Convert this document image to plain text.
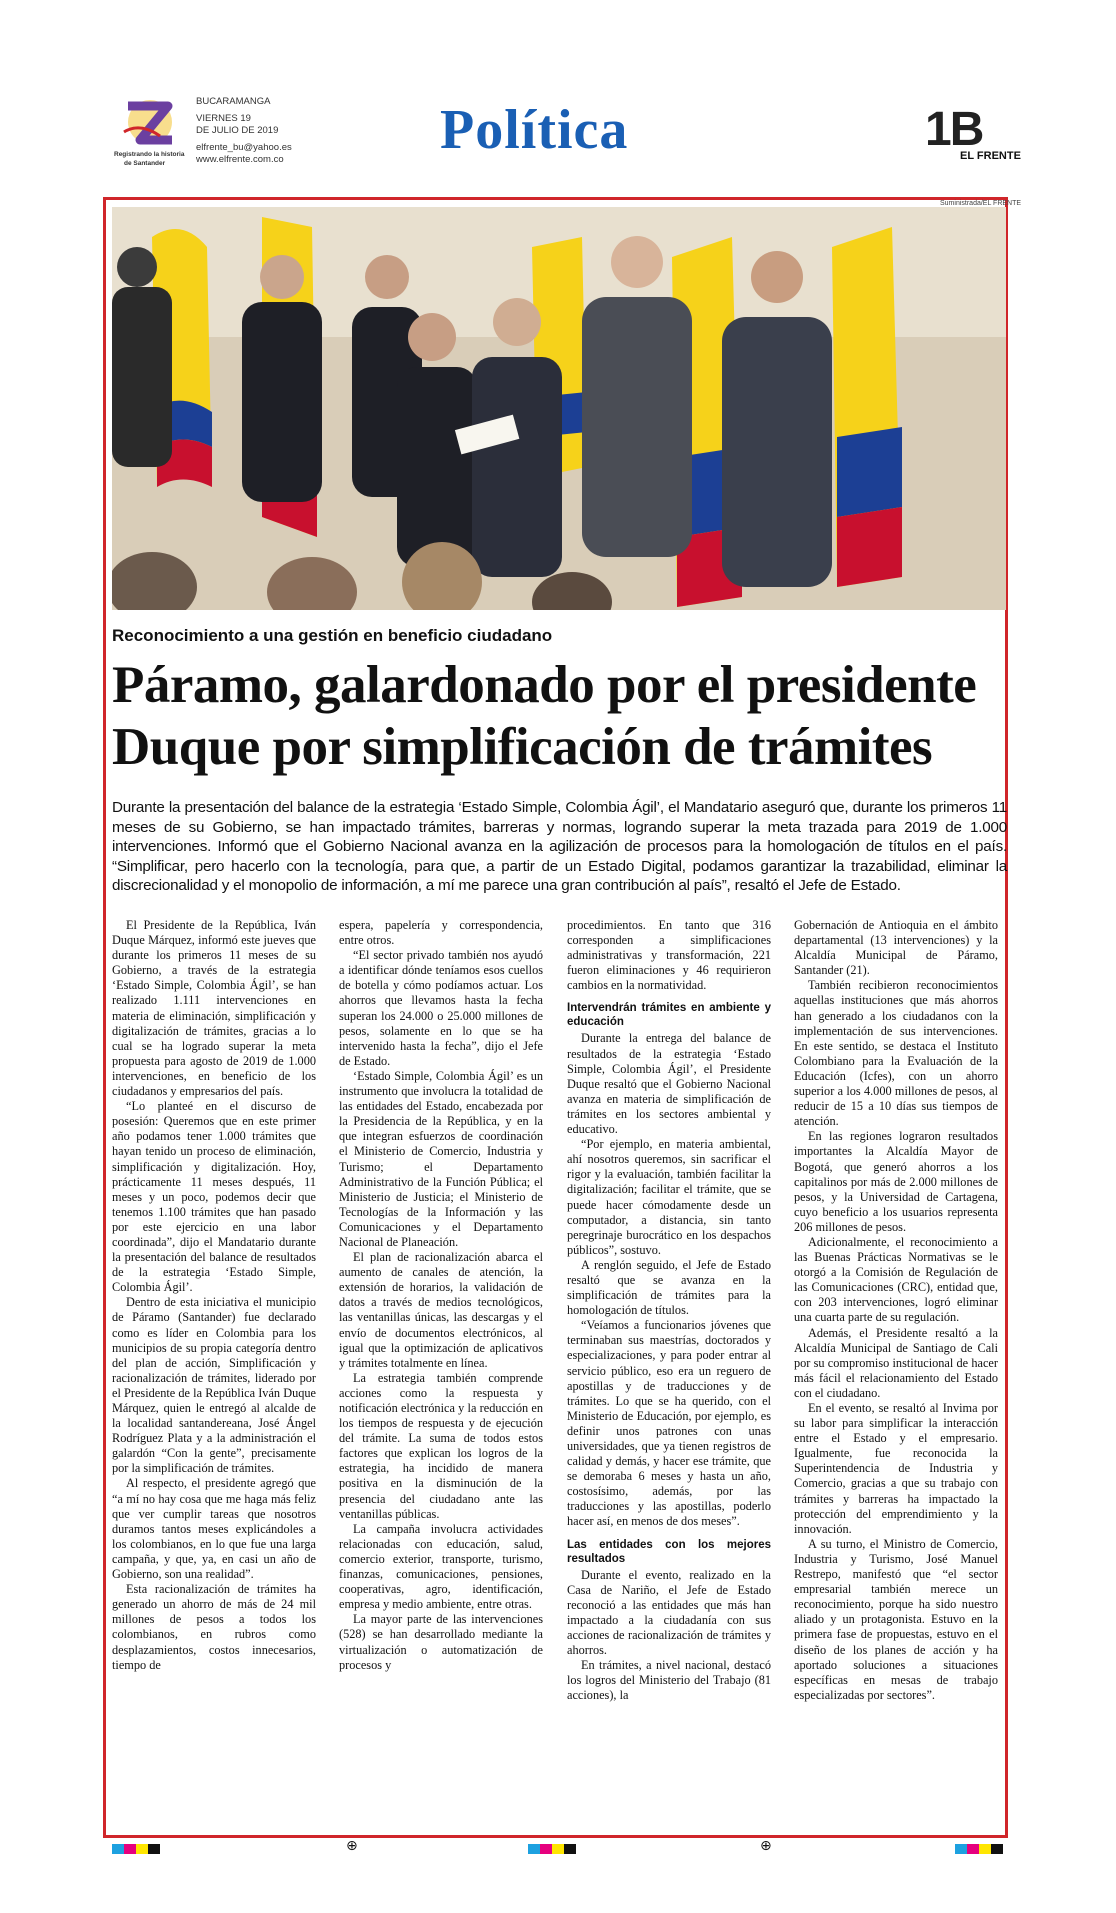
Registrando la historia
de Santander
BUCARAMANGA
VIERNES 19
DE JULIO DE 2019
elfrente_bu@yahoo.es
www.elfrente.com.co	Política	1B
EL FRENTE
Suministrada/EL FRENTE
Reconocimiento a una gestión en beneficio ciudadano
Páramo, galardonado por el presidente
Duque por simplificación de trámites
Durante la presentación del balance de la estrategia ‘Estado Simple, Colombia Ágil’, el Mandatario aseguró que, durante los primeros 11 meses de su Gobierno, se han impactado trámites, barreras y normas, logrando superar la meta trazada para 2019 de 1.000 intervenciones. Informó que el Gobierno Nacional avanza en la agilización de procesos para la homologación de títulos en el país. “Simplificar, pero hacerlo con la tecnología, para que, a partir de un Estado Digital, podamos garantizar la trazabilidad, eliminar la discrecionalidad y el monopolio de información, a mí me parece una gran contribución al país”, resaltó el Jefe de Estado.

El Presidente de la República, Iván Duque Márquez, informó este jueves que durante los primeros 11 meses de su Gobierno, a través de la estrategia ‘Estado Simple, Colombia Ágil’, se han realizado 1.111 intervenciones en materia de eliminación, simplificación y digitalización de trámites, gracias a lo cual se ha logrado superar la meta propuesta para agosto de 2019 de 1.000 intervenciones, en beneficio de los ciudadanos y empresarios del país.

“Lo planteé en el discurso de posesión: Queremos que en este primer año podamos tener 1.000 trámites que hayan tenido un proceso de eliminación, simplificación y digitalización. Hoy, prácticamente 11 meses después, 11 meses y un poco, podemos decir que tenemos 1.100 trámites que han pasado por este ejercicio en una labor coordinada”, dijo el Mandatario durante la presentación del balance de resultados de la estrategia ‘Estado Simple, Colombia Ágil’.

Dentro de esta iniciativa el municipio de Páramo (Santander) fue declarado como es líder en Colombia para los municipios de su propia categoría dentro del plan de acción, Simplificación y racionalización de trámites, liderado por el Presidente de la República Iván Duque Márquez, quien le entregó al alcalde de la localidad santandereana, José Ángel Rodríguez Plata y a la administración el galardón “Con la gente”, precisamente por la simplificación de trámites.

Al respecto, el presidente agregó que “a mí no hay cosa que me haga más feliz que ver cumplir tareas que nosotros duramos tantos meses explicándoles a los colombianos, en lo que fue una larga campaña, y que, ya, en casi un año de Gobierno, son una realidad”.

Esta racionalización de trámites ha generado un ahorro de más de 24 mil millones de pesos a todos los colombianos, en rubros como desplazamientos, costos innecesarios, tiempo de

espera, papelería y correspondencia, entre otros.

“El sector privado también nos ayudó a identificar dónde teníamos esos cuellos de botella y cómo podíamos actuar. Los ahorros que llevamos hasta la fecha superan los 24.000 o 25.000 millones de pesos, solamente en lo que se ha intervenido hasta la fecha”, dijo el Jefe de Estado.

‘Estado Simple, Colombia Ágil’ es un instrumento que involucra la totalidad de las entidades del Estado, encabezada por la Presidencia de la República, y en la que integran esfuerzos de coordinación el Ministerio de Comercio, Industria y Turismo; el Departamento Administrativo de la Función Pública; el Ministerio de Justicia; el Ministerio de Tecnologías de la Información y las Comunicaciones y el Departamento Nacional de Planeación.

El plan de racionalización abarca el aumento de canales de atención, la extensión de horarios, la validación de datos a través de medios tecnológicos, las ventanillas únicas, las descargas y el envío de documentos electrónicos, al igual que la optimización de aplicativos y trámites totalmente en línea.

La estrategia también comprende acciones como la respuesta y notificación electrónica y la reducción en los tiempos de respuesta y de ejecución del trámite. La suma de todos estos factores que explican los logros de la estrategia, ha incidido de manera positiva en la disminución de la presencia del ciudadano ante las ventanillas públicas.

La campaña involucra actividades relacionadas con educación, salud, comercio exterior, transporte, turismo, finanzas, comunicaciones, pensiones, cooperativas, agro, identificación, empresa y medio ambiente, entre otras.

La mayor parte de las intervenciones (528) se han desarrollado mediante la virtualización o automatización de procesos y

procedimientos. En tanto que 316 corresponden a simplificaciones administrativas y transformación, 221 fueron eliminaciones y 46 requirieron cambios en la normatividad.

Intervendrán trámites en ambiente y educación

Durante la entrega del balance de resultados de la estrategia ‘Estado Simple, Colombia Ágil’, el Presidente Duque resaltó que el Gobierno Nacional avanza en materia de simplificación de trámites en los sectores ambiental y educativo.

“Por ejemplo, en materia ambiental, ahí nosotros queremos, sin sacrificar el rigor y la evaluación, también facilitar la digitalización; facilitar el trámite, que se puede hacer cómodamente desde un computador, a distancia, sin tanto peregrinaje burocrático en los despachos públicos”, sostuvo.

A renglón seguido, el Jefe de Estado resaltó que se avanza en la simplificación de trámites para la homologación de títulos.

“Veíamos a funcionarios jóvenes que terminaban sus maestrías, doctorados y especializaciones, y para poder entrar al servicio público, eso era un reguero de apostillas y de traducciones y de trámites. Lo que se ha querido, con el Ministerio de Educación, por ejemplo, es definir unos patrones con unas universidades, que ya tienen registros de calidad y demás, y hacer ese trámite, que se demoraba 6 meses y hasta un año, costosísimo, además, por las traducciones y las apostillas, poderlo hacer así, en menos de dos meses”.

Las entidades con los mejores resultados

Durante el evento, realizado en la Casa de Nariño, el Jefe de Estado reconoció a las entidades que más han impactado a la ciudadanía con sus acciones de racionalización de trámites y ahorros.

En trámites, a nivel nacional, destacó los logros del Ministerio del Trabajo (81 acciones), la

Gobernación de Antioquia en el ámbito departamental (13 intervenciones) y la Alcaldía Municipal de Páramo, Santander (21).

También recibieron reconocimientos aquellas instituciones que más ahorros han generado a los ciudadanos con la implementación de sus intervenciones. En este sentido, se destaca el Instituto Colombiano para la Evaluación de la Educación (Icfes), con un ahorro superior a los 4.000 millones de pesos, al reducir de 15 a 10 días sus tiempos de atención.

En las regiones lograron resultados importantes la Alcaldía Mayor de Bogotá, que generó ahorros a los capitalinos por más de 2.000 millones de pesos, y la Universidad de Cartagena, cuyo beneficio a los usuarios representa 206 millones de pesos.

Adicionalmente, el reconocimiento a las Buenas Prácticas Normativas se le otorgó a la Comisión de Regulación de las Comunicaciones (CRC), entidad que, con 203 intervenciones, logró eliminar una cuarta parte de su regulación.

Además, el Presidente resaltó a la Alcaldía Municipal de Santiago de Cali por su compromiso institucional de hacer más fácil el relacionamiento del Estado con el ciudadano.

En el evento, se resaltó al Invima por su labor para simplificar la interacción entre el Estado y el empresario. Igualmente, fue reconocida la Superintendencia de Industria y Comercio, gracias a que su trabajo con trámites y barreras ha impactado la protección del emprendimiento y la innovación.

A su turno, el Ministro de Comercio, Industria y Turismo, José Manuel Restrepo, manifestó que “el sector empresarial también merece un reconocimiento, porque ha sido nuestro aliado y un protagonista. Estuvo en la primera fase de propuestas, estuvo en el diseño de los planes de acción y ha aportado soluciones a situaciones específicas en mesas de trabajo especializadas por sectores”.

⊕	⊕
